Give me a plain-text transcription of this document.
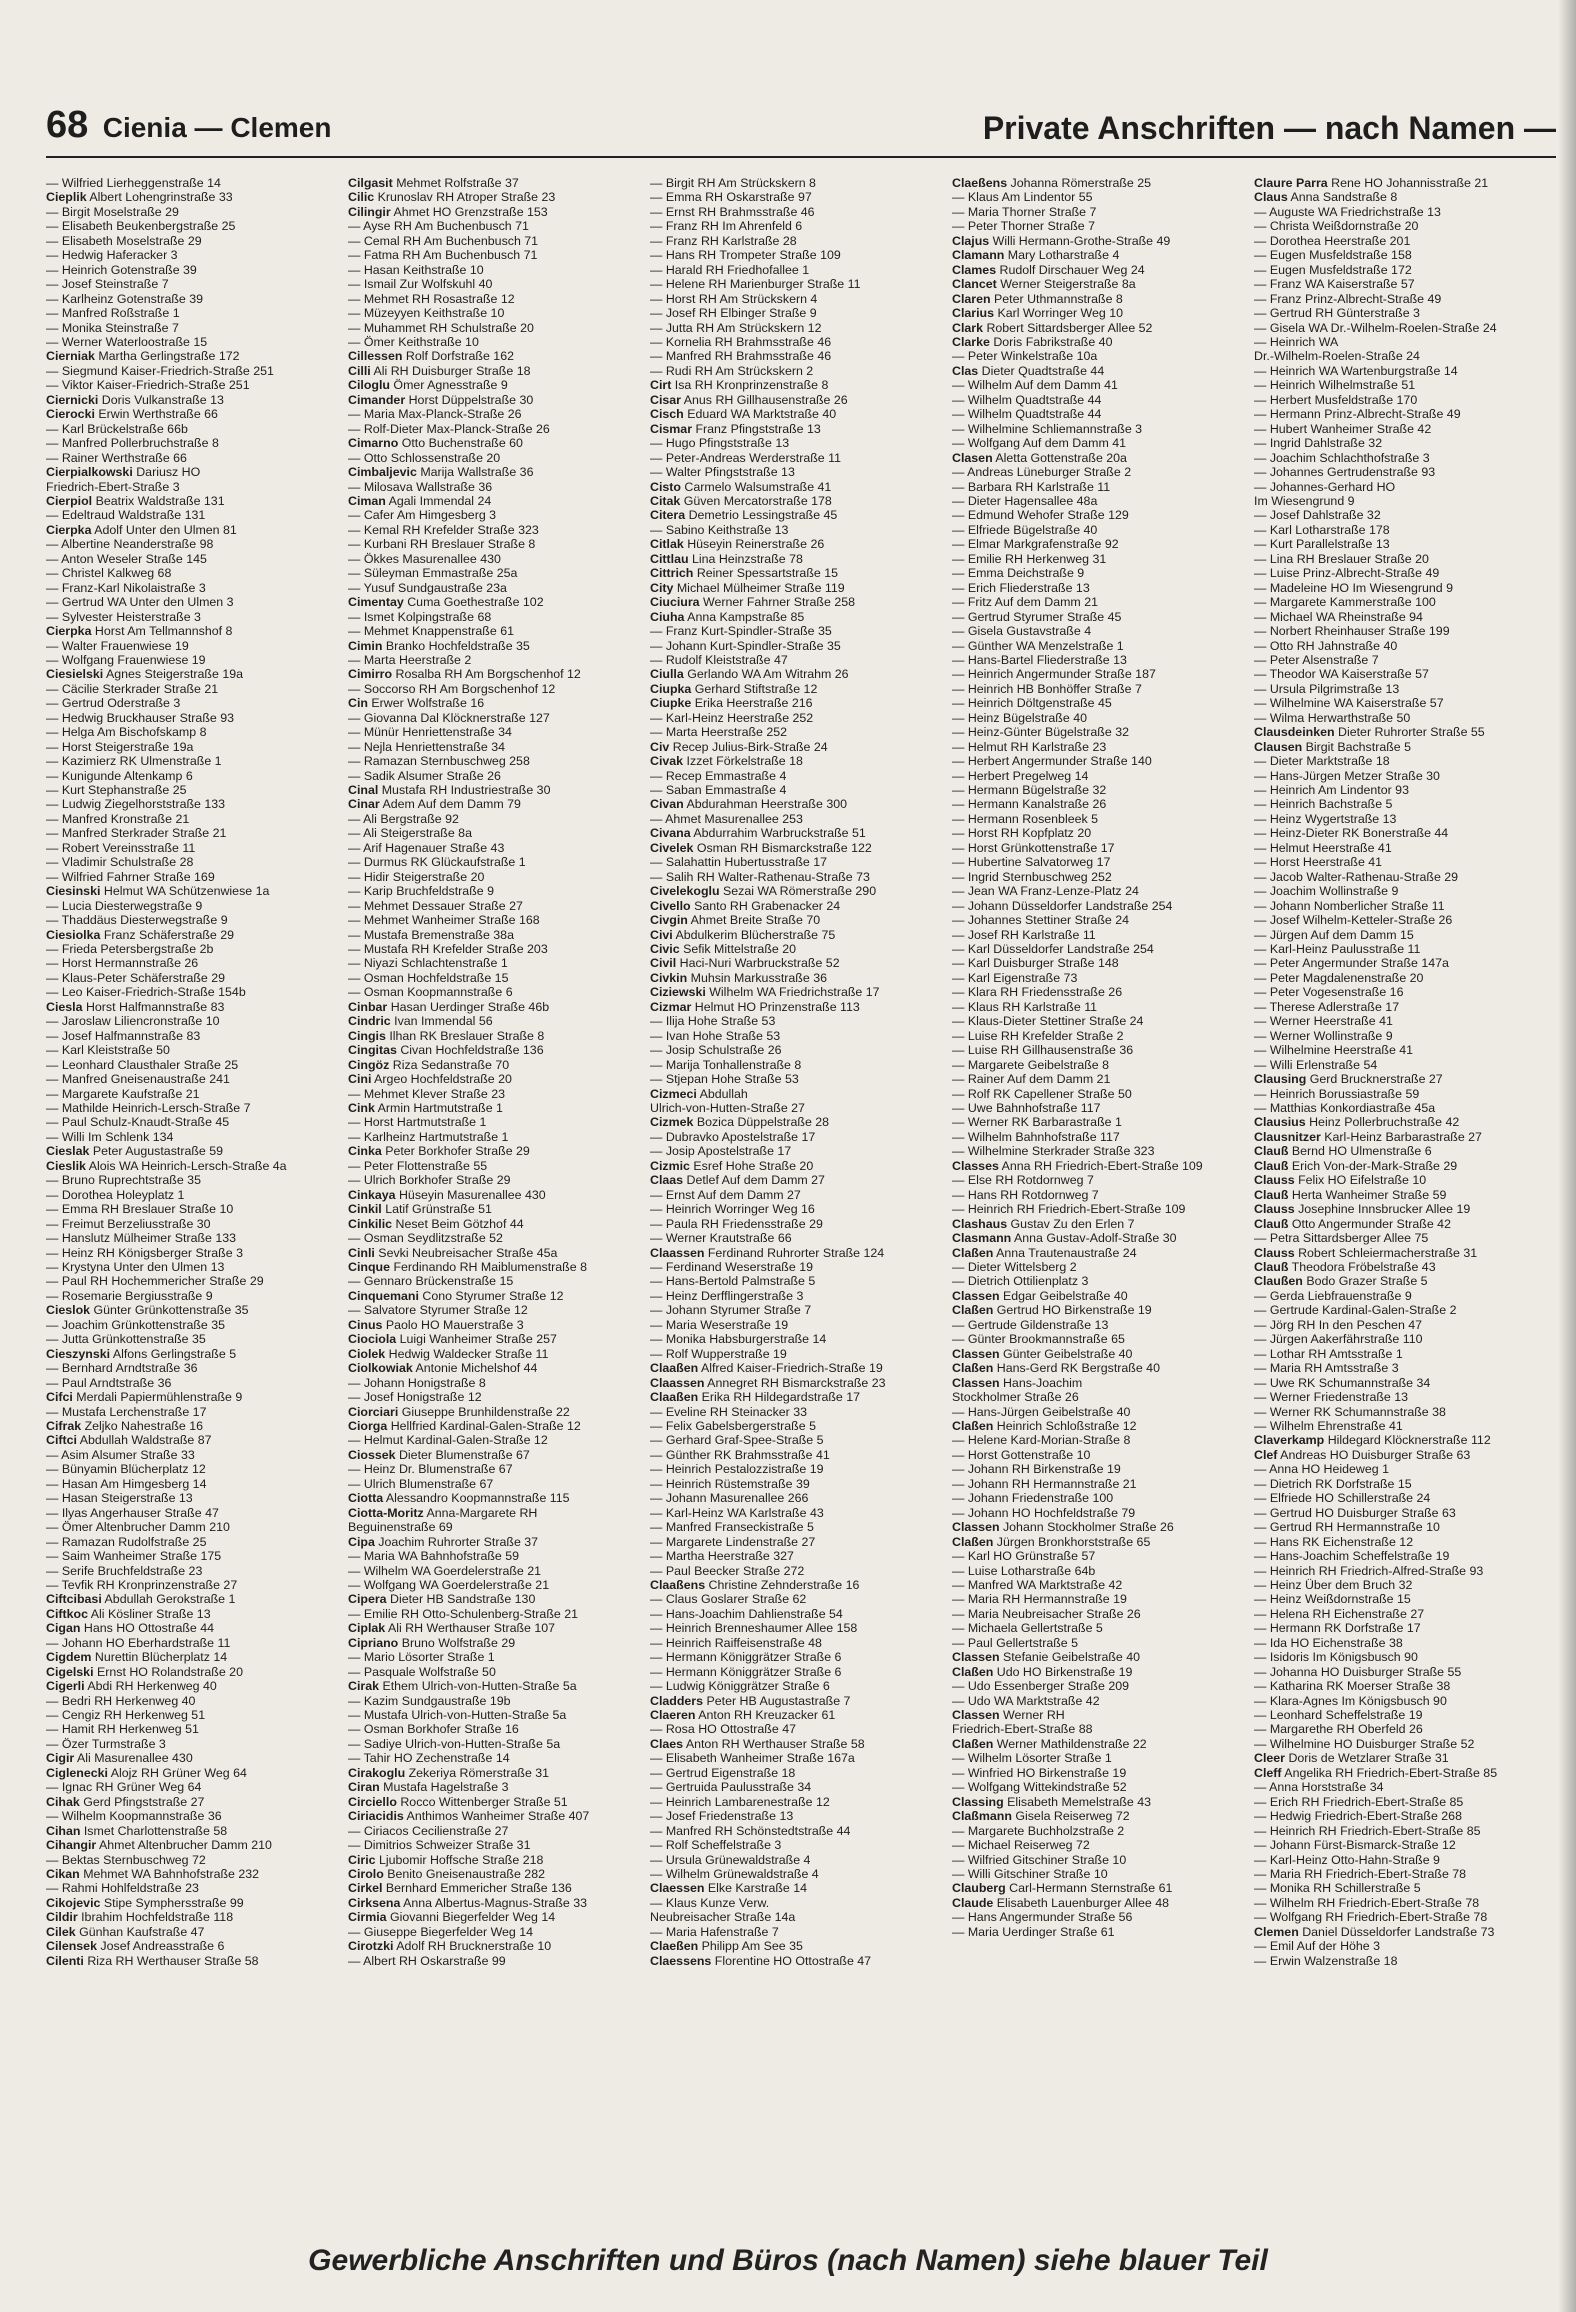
68 Cienia — Clemen	Private Anschriften — nach Namen —
— Wilfried Lierheggenstraße 14
Cieplik Albert Lohengrinstraße 33
— Birgit Moselstraße 29
— Elisabeth Beukenbergstraße 25
— Elisabeth Moselstraße 29
— Hedwig Haferacker 3
— Heinrich Gotenstraße 39
— Josef Steinstraße 7
— Karlheinz Gotenstraße 39
— Manfred Roßstraße 1
— Monika Steinstraße 7
— Werner Waterloostraße 15
Cierniak Martha Gerlingstraße 172
— Siegmund Kaiser-Friedrich-Straße 251
— Viktor Kaiser-Friedrich-Straße 251
Ciernicki Doris Vulkanstraße 13
Cierocki Erwin Werthstraße 66
— Karl Brückelstraße 66b
— Manfred Pollerbruchstraße 8
— Rainer Werthstraße 66
Cierpialkowski Dariusz HO
Friedrich-Ebert-Straße 3
Cierpiol Beatrix Waldstraße 131
— Edeltraud Waldstraße 131
Cierpka Adolf Unter den Ulmen 81
— Albertine Neanderstraße 98
— Anton Weseler Straße 145
— Christel Kalkweg 68
— Franz-Karl Nikolaistraße 3
— Gertrud WA Unter den Ulmen 3
— Sylvester Heisterstraße 3
Cierpka Horst Am Tellmannshof 8
— Walter Frauenwiese 19
— Wolfgang Frauenwiese 19
Ciesielski Agnes Steigerstraße 19a
— Cäcilie Sterkrader Straße 21
— Gertrud Oderstraße 3
— Hedwig Bruckhauser Straße 93
— Helga Am Bischofskamp 8
— Horst Steigerstraße 19a
— Kazimierz RK Ulmenstraße 1
— Kunigunde Altenkamp 6
— Kurt Stephanstraße 25
— Ludwig Ziegelhorststraße 133
— Manfred Kronstraße 21
— Manfred Sterkrader Straße 21
— Robert Vereinsstraße 11
— Vladimir Schulstraße 28
— Wilfried Fahrner Straße 169
Ciesinski Helmut WA Schützenwiese 1a
— Lucia Diesterwegstraße 9
— Thaddäus Diesterwegstraße 9
Ciesiolka Franz Schäferstraße 29
— Frieda Petersbergstraße 2b
— Horst Hermannstraße 26
— Klaus-Peter Schäferstraße 29
— Leo Kaiser-Friedrich-Straße 154b
Ciesla Horst Halfmannstraße 83
— Jaroslaw Liliencronstraße 10
— Josef Halfmannstraße 83
— Karl Kleiststraße 50
— Leonhard Clausthaler Straße 25
— Manfred Gneisenaustraße 241
— Margarete Kaufstraße 21
— Mathilde Heinrich-Lersch-Straße 7
— Paul Schulz-Knaudt-Straße 45
— Willi Im Schlenk 134
Cieslak Peter Augustastraße 59
Cieslik Alois WA Heinrich-Lersch-Straße 4a
— Bruno Ruprechtstraße 35
— Dorothea Holeyplatz 1
— Emma RH Breslauer Straße 10
— Freimut Berzeliusstraße 30
— Hanslutz Mülheimer Straße 133
— Heinz RH Königsberger Straße 3
— Krystyna Unter den Ulmen 13
— Paul RH Hochemmericher Straße 29
— Rosemarie Bergiusstraße 9
Cieslok Günter Grünkottenstraße 35
— Joachim Grünkottenstraße 35
— Jutta Grünkottenstraße 35
Cieszynski Alfons Gerlingstraße 5
— Bernhard Arndtstraße 36
— Paul Arndtstraße 36
Cifci Merdali Papiermühlenstraße 9
— Mustafa Lerchenstraße 17
Cifrak Zeljko Nahestraße 16
Ciftci Abdullah Waldstraße 87
— Asim Alsumer Straße 33
— Bünyamin Blücherplatz 12
— Hasan Am Himgesberg 14
— Hasan Steigerstraße 13
— Ilyas Angerhauser Straße 47
— Ömer Altenbrucher Damm 210
— Ramazan Rudolfstraße 25
— Saim Wanheimer Straße 175
— Serife Bruchfeldstraße 23
— Tevfik RH Kronprinzenstraße 27
Ciftcibasi Abdullah Gerokstraße 1
Ciftkoc Ali Kösliner Straße 13
Cigan Hans HO Ottostraße 44
— Johann HO Eberhardstraße 11
Cigdem Nurettin Blücherplatz 14
Cigelski Ernst HO Rolandstraße 20
Cigerli Abdi RH Herkenweg 40
— Bedri RH Herkenweg 40
— Cengiz RH Herkenweg 51
— Hamit RH Herkenweg 51
— Özer Turmstraße 3
Cigir Ali Masurenallee 430
Ciglenecki Alojz RH Grüner Weg 64
— Ignac RH Grüner Weg 64
Cihak Gerd Pfingststraße 27
— Wilhelm Koopmannstraße 36
Cihan Ismet Charlottenstraße 58
Cihangir Ahmet Altenbrucher Damm 210
— Bektas Sternbuschweg 72
Cikan Mehmet WA Bahnhofstraße 232
— Rahmi Hohlfeldstraße 23
Cikojevic Stipe Symphersstraße 99
Cildir Ibrahim Hochfeldstraße 118
Cilek Günhan Kaufstraße 47
Cilensek Josef Andreasstraße 6
Cilenti Riza RH Werthauser Straße 58
Cilgasit Mehmet Rolfstraße 37
Cilic Krunoslav RH Atroper Straße 23
Cilingir Ahmet HO Grenzstraße 153
— Ayse RH Am Buchenbusch 71
— Cemal RH Am Buchenbusch 71
— Fatma RH Am Buchenbusch 71
— Hasan Keithstraße 10
— Ismail Zur Wolfskuhl 40
— Mehmet RH Rosastraße 12
— Müzeyyen Keithstraße 10
— Muhammet RH Schulstraße 20
— Ömer Keithstraße 10
Cillessen Rolf Dorfstraße 162
Cilli Ali RH Duisburger Straße 18
Ciloglu Ömer Agnesstraße 9
Cimander Horst Düppelstraße 30
— Maria Max-Planck-Straße 26
— Rolf-Dieter Max-Planck-Straße 26
Cimarno Otto Buchenstraße 60
— Otto Schlossenstraße 20
Cimbaljevic Marija Wallstraße 36
— Milosava Wallstraße 36
Ciman Agali Immendal 24
— Cafer Am Himgesberg 3
— Kemal RH Krefelder Straße 323
— Kurbani RH Breslauer Straße 8
— Ökkes Masurenallee 430
— Süleyman Emmastraße 25a
— Yusuf Sundgaustraße 23a
Cimentay Cuma Goethestraße 102
— Ismet Kolpingstraße 68
— Mehmet Knappenstraße 61
Cimin Branko Hochfeldstraße 35
— Marta Heerstraße 2
Cimirro Rosalba RH Am Borgschenhof 12
— Soccorso RH Am Borgschenhof 12
Cin Erwer Wolfstraße 16
— Giovanna Dal Klöcknerstraße 127
— Münür Henriettenstraße 34
— Nejla Henriettenstraße 34
— Ramazan Sternbuschweg 258
— Sadik Alsumer Straße 26
Cinal Mustafa RH Industriestraße 30
Cinar Adem Auf dem Damm 79
— Ali Bergstraße 92
— Ali Steigerstraße 8a
— Arif Hagenauer Straße 43
— Durmus RK Glückaufstraße 1
— Hidir Steigerstraße 20
— Karip Bruchfeldstraße 9
— Mehmet Dessauer Straße 27
— Mehmet Wanheimer Straße 168
— Mustafa Bremenstraße 38a
— Mustafa RH Krefelder Straße 203
— Niyazi Schlachtenstraße 1
— Osman Hochfeldstraße 15
— Osman Koopmannstraße 6
Cinbar Hasan Uerdinger Straße 46b
Cindric Ivan Immendal 56
Cingis Ilhan RK Breslauer Straße 8
Cingitas Civan Hochfeldstraße 136
Cingöz Riza Sedanstraße 70
Cini Argeo Hochfeldstraße 20
— Mehmet Klever Straße 23
Cink Armin Hartmutstraße 1
— Horst Hartmutstraße 1
— Karlheinz Hartmutstraße 1
Cinka Peter Borkhofer Straße 29
— Peter Flottenstraße 55
— Ulrich Borkhofer Straße 29
Cinkaya Hüseyin Masurenallee 430
Cinkil Latif Grünstraße 51
Cinkilic Neset Beim Götzhof 44
— Osman Seydlitzstraße 52
Cinli Sevki Neubreisacher Straße 45a
Cinque Ferdinando RH Maiblumenstraße 8
— Gennaro Brückenstraße 15
Cinquemani Cono Styrumer Straße 12
— Salvatore Styrumer Straße 12
Cinus Paolo HO Mauerstraße 3
Ciociola Luigi Wanheimer Straße 257
Ciolek Hedwig Waldecker Straße 11
Ciolkowiak Antonie Michelshof 44
— Johann Honigstraße 8
— Josef Honigstraße 12
Ciorciari Giuseppe Brunhildenstraße 22
Ciorga Hellfried Kardinal-Galen-Straße 12
— Helmut Kardinal-Galen-Straße 12
Ciossek Dieter Blumenstraße 67
— Heinz Dr. Blumenstraße 67
— Ulrich Blumenstraße 67
Ciotta Alessandro Koopmannstraße 115
Ciotta-Moritz Anna-Margarete RH
Beguinenstraße 69
Cipa Joachim Ruhrorter Straße 37
— Maria WA Bahnhofstraße 59
— Wilhelm WA Goerdelerstraße 21
— Wolfgang WA Goerdelerstraße 21
Cipera Dieter HB Sandstraße 130
— Emilie RH Otto-Schulenberg-Straße 21
Ciplak Ali RH Werthauser Straße 107
Cipriano Bruno Wolfstraße 29
— Mario Lösorter Straße 1
— Pasquale Wolfstraße 50
Cirak Ethem Ulrich-von-Hutten-Straße 5a
— Kazim Sundgaustraße 19b
— Mustafa Ulrich-von-Hutten-Straße 5a
— Osman Borkhofer Straße 16
— Sadiye Ulrich-von-Hutten-Straße 5a
— Tahir HO Zechenstraße 14
Cirakoglu Zekeriya Römerstraße 31
Ciran Mustafa Hagelstraße 3
Circiello Rocco Wittenberger Straße 51
Ciriacidis Anthimos Wanheimer Straße 407
— Ciriacos Cecilienstraße 27
— Dimitrios Schweizer Straße 31
Ciric Ljubomir Hoffsche Straße 218
Cirolo Benito Gneisenaustraße 282
Cirkel Bernhard Emmericher Straße 136
Cirksena Anna Albertus-Magnus-Straße 33
Cirmia Giovanni Biegerfelder Weg 14
— Giuseppe Biegerfelder Weg 14
Cirotzki Adolf RH Brucknerstraße 10
— Albert RH Oskarstraße 99
— Birgit RH Am Strückskern 8
— Emma RH Oskarstraße 97
— Ernst RH Brahmsstraße 46
— Franz RH Im Ahrenfeld 6
— Franz RH Karlstraße 28
— Hans RH Trompeter Straße 109
— Harald RH Friedhofallee 1
— Helene RH Marienburger Straße 11
— Horst RH Am Strückskern 4
— Josef RH Elbinger Straße 9
— Jutta RH Am Strückskern 12
— Kornelia RH Brahmsstraße 46
— Manfred RH Brahmsstraße 46
— Rudi RH Am Strückskern 2
Cirt Isa RH Kronprinzenstraße 8
Cisar Anus RH Gillhausenstraße 26
Cisch Eduard WA Marktstraße 40
Cismar Franz Pfingststraße 13
— Hugo Pfingststraße 13
— Peter-Andreas Werderstraße 11
— Walter Pfingststraße 13
Cisto Carmelo Walsumstraße 41
Citak Güven Mercatorstraße 178
Citera Demetrio Lessingstraße 45
— Sabino Keithstraße 13
Citlak Hüseyin Reinerstraße 26
Cittlau Lina Heinzstraße 78
Cittrich Reiner Spessartstraße 15
City Michael Mülheimer Straße 119
Ciuciura Werner Fahrner Straße 258
Ciuha Anna Kampstraße 85
— Franz Kurt-Spindler-Straße 35
— Johann Kurt-Spindler-Straße 35
— Rudolf Kleiststraße 47
Ciulla Gerlando WA Am Witrahm 26
Ciupka Gerhard Stiftstraße 12
Ciupke Erika Heerstraße 216
— Karl-Heinz Heerstraße 252
— Marta Heerstraße 252
Civ Recep Julius-Birk-Straße 24
Civak Izzet Förkelstraße 18
— Recep Emmastraße 4
— Saban Emmastraße 4
Civan Abdurahman Heerstraße 300
— Ahmet Masurenallee 253
Civana Abdurrahim Warbruckstraße 51
Civelek Osman RH Bismarckstraße 122
— Salahattin Hubertusstraße 17
— Salih RH Walter-Rathenau-Straße 73
Civelekoglu Sezai WA Römerstraße 290
Civello Santo RH Grabenacker 24
Civgin Ahmet Breite Straße 70
Civi Abdulkerim Blücherstraße 75
Civic Sefik Mittelstraße 20
Civil Haci-Nuri Warbruckstraße 52
Civkin Muhsin Markusstraße 36
Ciziewski Wilhelm WA Friedrichstraße 17
Cizmar Helmut HO Prinzenstraße 113
— Ilija Hohe Straße 53
— Ivan Hohe Straße 53
— Josip Schulstraße 26
— Marija Tonhallenstraße 8
— Stjepan Hohe Straße 53
Cizmeci Abdullah
Ulrich-von-Hutten-Straße 27
Cizmek Bozica Düppelstraße 28
— Dubravko Apostelstraße 17
— Josip Apostelstraße 17
Cizmic Esref Hohe Straße 20
Claas Detlef Auf dem Damm 27
— Ernst Auf dem Damm 27
— Heinrich Worringer Weg 16
— Paula RH Friedensstraße 29
— Werner Krautstraße 66
Claassen Ferdinand Ruhrorter Straße 124
— Ferdinand Weserstraße 19
— Hans-Bertold Palmstraße 5
— Heinz Derfflingerstraße 3
— Johann Styrumer Straße 7
— Maria Weserstraße 19
— Monika Habsburgerstraße 14
— Rolf Wupperstraße 19
Claaßen Alfred Kaiser-Friedrich-Straße 19
Claassen Annegret RH Bismarckstraße 23
Claaßen Erika RH Hildegardstraße 17
— Eveline RH Steinacker 33
— Felix Gabelsbergerstraße 5
— Gerhard Graf-Spee-Straße 5
— Günther RK Brahmsstraße 41
— Heinrich Pestalozzistraße 19
— Heinrich Rüstemstraße 39
— Johann Masurenallee 266
— Karl-Heinz WA Karlstraße 43
— Manfred Franseckistraße 5
— Margarete Lindenstraße 27
— Martha Heerstraße 327
— Paul Beecker Straße 272
Claaßens Christine Zehnderstraße 16
— Claus Goslarer Straße 62
— Hans-Joachim Dahlienstraße 54
— Heinrich Brenneshaumer Allee 158
— Heinrich Raiffeisenstraße 48
— Hermann Königgrätzer Straße 6
— Hermann Königgrätzer Straße 6
— Ludwig Königgrätzer Straße 6
Cladders Peter HB Augustastraße 7
Claeren Anton RH Kreuzacker 61
— Rosa HO Ottostraße 47
Claes Anton RH Werthauser Straße 58
— Elisabeth Wanheimer Straße 167a
— Gertrud Eigenstraße 18
— Gertruida Paulusstraße 34
— Heinrich Lambarenestraße 12
— Josef Friedenstraße 13
— Manfred RH Schönstedtstraße 44
— Rolf Scheffelstraße 3
— Ursula Grünewaldstraße 4
— Wilhelm Grünewaldstraße 4
Claessen Elke Karstraße 14
— Klaus Kunze Verw.
Neubreisacher Straße 14a
— Maria Hafenstraße 7
Claeßen Philipp Am See 35
Claessens Florentine HO Ottostraße 47
Claeßens Johanna Römerstraße 25
— Klaus Am Lindentor 55
— Maria Thorner Straße 7
— Peter Thorner Straße 7
Clajus Willi Hermann-Grothe-Straße 49
Clamann Mary Lotharstraße 4
Clames Rudolf Dirschauer Weg 24
Clancet Werner Steigerstraße 8a
Claren Peter Uthmannstraße 8
Clarius Karl Worringer Weg 10
Clark Robert Sittardsberger Allee 52
Clarke Doris Fabrikstraße 40
— Peter Winkelstraße 10a
Clas Dieter Quadtstraße 44
— Wilhelm Auf dem Damm 41
— Wilhelm Quadtstraße 44
— Wilhelm Quadtstraße 44
— Wilhelmine Schliemannstraße 3
— Wolfgang Auf dem Damm 41
Clasen Aletta Gottenstraße 20a
— Andreas Lüneburger Straße 2
— Barbara RH Karlstraße 11
— Dieter Hagensallee 48a
— Edmund Wehofer Straße 129
— Elfriede Bügelstraße 40
— Elmar Markgrafenstraße 92
— Emilie RH Herkenweg 31
— Emma Deichstraße 9
— Erich Fliederstraße 13
— Fritz Auf dem Damm 21
— Gertrud Styrumer Straße 45
— Gisela Gustavstraße 4
— Günther WA Menzelstraße 1
— Hans-Bartel Fliederstraße 13
— Heinrich Angermunder Straße 187
— Heinrich HB Bonhöffer Straße 7
— Heinrich Döltgenstraße 45
— Heinz Bügelstraße 40
— Heinz-Günter Bügelstraße 32
— Helmut RH Karlstraße 23
— Herbert Angermunder Straße 140
— Herbert Pregelweg 14
— Hermann Bügelstraße 32
— Hermann Kanalstraße 26
— Hermann Rosenbleek 5
— Horst RH Kopfplatz 20
— Horst Grünkottenstraße 17
— Hubertine Salvatorweg 17
— Ingrid Sternbuschweg 252
— Jean WA Franz-Lenze-Platz 24
— Johann Düsseldorfer Landstraße 254
— Johannes Stettiner Straße 24
— Josef RH Karlstraße 11
— Karl Düsseldorfer Landstraße 254
— Karl Duisburger Straße 148
— Karl Eigenstraße 73
— Klara RH Friedensstraße 26
— Klaus RH Karlstraße 11
— Klaus-Dieter Stettiner Straße 24
— Luise RH Krefelder Straße 2
— Luise RH Gillhausenstraße 36
— Margarete Geibelstraße 8
— Rainer Auf dem Damm 21
— Rolf RK Capellener Straße 50
— Uwe Bahnhofstraße 117
— Werner RK Barbarastraße 1
— Wilhelm Bahnhofstraße 117
— Wilhelmine Sterkrader Straße 323
Classes Anna RH Friedrich-Ebert-Straße 109
— Else RH Rotdornweg 7
— Hans RH Rotdornweg 7
— Heinrich RH Friedrich-Ebert-Straße 109
Clashaus Gustav Zu den Erlen 7
Clasmann Anna Gustav-Adolf-Straße 30
Claßen Anna Trautenaustraße 24
— Dieter Wittelsberg 2
— Dietrich Ottilienplatz 3
Classen Edgar Geibelstraße 40
Claßen Gertrud HO Birkenstraße 19
— Gertrude Gildenstraße 13
— Günter Brookmannstraße 65
Classen Günter Geibelstraße 40
Claßen Hans-Gerd RK Bergstraße 40
Classen Hans-Joachim
Stockholmer Straße 26
— Hans-Jürgen Geibelstraße 40
Claßen Heinrich Schloßstraße 12
— Helene Kard-Morian-Straße 8
— Horst Gottenstraße 10
— Johann RH Birkenstraße 19
— Johann RH Hermannstraße 21
— Johann Friedenstraße 100
— Johann HO Hochfeldstraße 79
Classen Johann Stockholmer Straße 26
Claßen Jürgen Bronkhorststraße 65
— Karl HO Grünstraße 57
— Luise Lotharstraße 64b
— Manfred WA Marktstraße 42
— Maria RH Hermannstraße 19
— Maria Neubreisacher Straße 26
— Michaela Gellertstraße 5
— Paul Gellertstraße 5
Classen Stefanie Geibelstraße 40
Claßen Udo HO Birkenstraße 19
— Udo Essenberger Straße 209
— Udo WA Marktstraße 42
Classen Werner RH
Friedrich-Ebert-Straße 88
Claßen Werner Mathildenstraße 22
— Wilhelm Lösorter Straße 1
— Winfried HO Birkenstraße 19
— Wolfgang Wittekindstraße 52
Classing Elisabeth Memelstraße 43
Claßmann Gisela Reiserweg 72
— Margarete Buchholzstraße 2
— Michael Reiserweg 72
— Wilfried Gitschiner Straße 10
— Willi Gitschiner Straße 10
Clauberg Carl-Hermann Sternstraße 61
Claude Elisabeth Lauenburger Allee 48
— Hans Angermunder Straße 56
— Maria Uerdinger Straße 61
Claure Parra Rene HO Johannisstraße 21
Claus Anna Sandstraße 8
— Auguste WA Friedrichstraße 13
— Christa Weißdornstraße 20
— Dorothea Heerstraße 201
— Eugen Musfeldstraße 158
— Eugen Musfeldstraße 172
— Franz WA Kaiserstraße 57
— Franz Prinz-Albrecht-Straße 49
— Gertrud RH Günterstraße 3
— Gisela WA Dr.-Wilhelm-Roelen-Straße 24
— Heinrich WA
Dr.-Wilhelm-Roelen-Straße 24
— Heinrich WA Wartenburgstraße 14
— Heinrich Wilhelmstraße 51
— Herbert Musfeldstraße 170
— Hermann Prinz-Albrecht-Straße 49
— Hubert Wanheimer Straße 42
— Ingrid Dahlstraße 32
— Joachim Schlachthofstraße 3
— Johannes Gertrudenstraße 93
— Johannes-Gerhard HO
Im Wiesengrund 9
— Josef Dahlstraße 32
— Karl Lotharstraße 178
— Kurt Parallelstraße 13
— Lina RH Breslauer Straße 20
— Luise Prinz-Albrecht-Straße 49
— Madeleine HO Im Wiesengrund 9
— Margarete Kammerstraße 100
— Michael WA Rheinstraße 94
— Norbert Rheinhauser Straße 199
— Otto RH Jahnstraße 40
— Peter Alsenstraße 7
— Theodor WA Kaiserstraße 57
— Ursula Pilgrimstraße 13
— Wilhelmine WA Kaiserstraße 57
— Wilma Herwarthstraße 50
Clausdeinken Dieter Ruhrorter Straße 55
Clausen Birgit Bachstraße 5
— Dieter Marktstraße 18
— Hans-Jürgen Metzer Straße 30
— Heinrich Am Lindentor 93
— Heinrich Bachstraße 5
— Heinz Wygertstraße 13
— Heinz-Dieter RK Bonerstraße 44
— Helmut Heerstraße 41
— Horst Heerstraße 41
— Jacob Walter-Rathenau-Straße 29
— Joachim Wollinstraße 9
— Johann Nomberlicher Straße 11
— Josef Wilhelm-Ketteler-Straße 26
— Jürgen Auf dem Damm 15
— Karl-Heinz Paulusstraße 11
— Peter Angermunder Straße 147a
— Peter Magdalenenstraße 20
— Peter Vogesenstraße 16
— Therese Adlerstraße 17
— Werner Heerstraße 41
— Werner Wollinstraße 9
— Wilhelmine Heerstraße 41
— Willi Erlenstraße 54
Clausing Gerd Brucknerstraße 27
— Heinrich Borussiastraße 59
— Matthias Konkordiastraße 45a
Clausius Heinz Pollerbruchstraße 42
Clausnitzer Karl-Heinz Barbarastraße 27
Clauß Bernd HO Ulmenstraße 6
Clauß Erich Von-der-Mark-Straße 29
Clauss Felix HO Eifelstraße 10
Clauß Herta Wanheimer Straße 59
Clauss Josephine Innsbrucker Allee 19
Clauß Otto Angermunder Straße 42
— Petra Sittardsberger Allee 75
Clauss Robert Schleiermacherstraße 31
Clauß Theodora Fröbelstraße 43
Claußen Bodo Grazer Straße 5
— Gerda Liebfrauenstraße 9
— Gertrude Kardinal-Galen-Straße 2
— Jörg RH In den Peschen 47
— Jürgen Aakerfährstraße 110
— Lothar RH Amtsstraße 1
— Maria RH Amtsstraße 3
— Uwe RK Schumannstraße 34
— Werner Friedenstraße 13
— Werner RK Schumannstraße 38
— Wilhelm Ehrenstraße 41
Claverkamp Hildegard Klöcknerstraße 112
Clef Andreas HO Duisburger Straße 63
— Anna HO Heideweg 1
— Dietrich RK Dorfstraße 15
— Elfriede HO Schillerstraße 24
— Gertrud HO Duisburger Straße 63
— Gertrud RH Hermannstraße 10
— Hans RK Eichenstraße 12
— Hans-Joachim Scheffelstraße 19
— Heinrich RH Friedrich-Alfred-Straße 93
— Heinz Über dem Bruch 32
— Heinz Weißdornstraße 15
— Helena RH Eichenstraße 27
— Hermann RK Dorfstraße 17
— Ida HO Eichenstraße 38
— Isidoris Im Königsbusch 90
— Johanna HO Duisburger Straße 55
— Katharina RK Moerser Straße 38
— Klara-Agnes Im Königsbusch 90
— Leonhard Scheffelstraße 19
— Margarethe RH Oberfeld 26
— Wilhelmine HO Duisburger Straße 52
Cleer Doris de Wetzlarer Straße 31
Cleff Angelika RH Friedrich-Ebert-Straße 85
— Anna Horststraße 34
— Erich RH Friedrich-Ebert-Straße 85
— Hedwig Friedrich-Ebert-Straße 268
— Heinrich RH Friedrich-Ebert-Straße 85
— Johann Fürst-Bismarck-Straße 12
— Karl-Heinz Otto-Hahn-Straße 9
— Maria RH Friedrich-Ebert-Straße 78
— Monika RH Schillerstraße 5
— Wilhelm RH Friedrich-Ebert-Straße 78
— Wolfgang RH Friedrich-Ebert-Straße 78
Clemen Daniel Düsseldorfer Landstraße 73
— Emil Auf der Höhe 3
— Erwin Walzenstraße 18
Gewerbliche Anschriften und Büros (nach Namen) siehe blauer Teil
